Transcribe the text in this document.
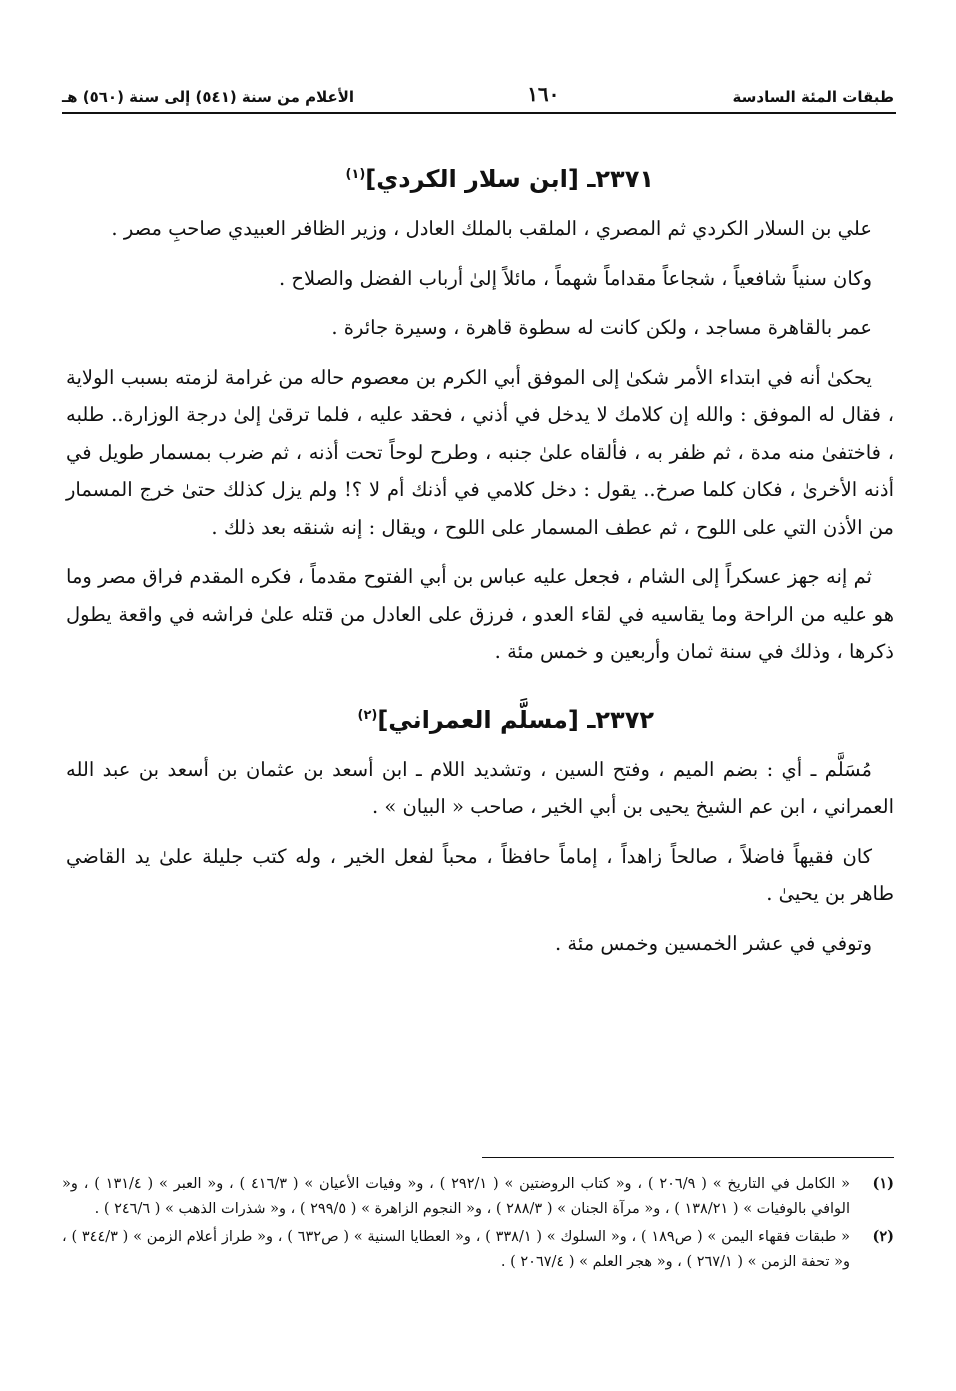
طبقات المئة السادسة
١٦٠
الأعلام من سنة (٥٤١) إلى سنة (٥٦٠) هـ
٢٣٧١ـ [ابن سلار الكردي]$^{(١)}$

علي بن السلار الكردي ثم المصري ، الملقب بالملك العادل ، وزير الظافر العبيدي صاحبِ مصر .

وكان سنياً شافعياً ، شجاعاً مقداماً شهماً ، مائلاً إلىٰ أرباب الفضل والصلاح .

عمر بالقاهرة مساجد ، ولكن كانت له سطوة قاهرة ، وسيرة جائرة .

يحكىٰ أنه في ابتداء الأمر شكىٰ إلى الموفق أبي الكرم بن معصوم حاله من غرامة لزمته بسبب الولاية ، فقال له الموفق : والله إن كلامك لا يدخل في أذني ، فحقد عليه ، فلما ترقىٰ إلىٰ درجة الوزارة.. طلبه ، فاختفىٰ منه مدة ، ثم ظفر به ، فألقاه علىٰ جنبه ، وطرح لوحاً تحت أذنه ، ثم ضرب بمسمار طويل في أذنه الأخرىٰ ، فكان كلما صرخ.. يقول : دخل كلامي في أذنك أم لا ؟! ولم يزل كذلك حتىٰ خرج المسمار من الأذن التي على اللوح ، ثم عطف المسمار على اللوح ، ويقال : إنه شنقه بعد ذلك .

ثم إنه جهز عسكراً إلى الشام ، فجعل عليه عباس بن أبي الفتوح مقدماً ، فكره المقدم فراق مصر وما هو عليه من الراحة وما يقاسيه في لقاء العدو ، فرزق على العادل من قتله علىٰ فراشه في واقعة يطول ذكرها ، وذلك في سنة ثمان وأربعين و خمس مئة .

٢٣٧٢ـ [مسلَّم العمراني]$^{(٢)}$

مُسَلَّم ـ أي : بضم الميم ، وفتح السين ، وتشديد اللام ـ ابن أسعد بن عثمان بن أسعد بن عبد الله العمراني ، ابن عم الشيخ يحيى بن أبي الخير ، صاحب « البيان » .

كان فقيهاً فاضلاً ، صالحاً زاهداً ، إماماً حافظاً ، محباً لفعل الخير ، وله كتب جليلة علىٰ يد القاضي طاهر بن يحيىٰ .

وتوفي في عشر الخمسين وخمس مئة .

(١)
« الكامل في التاريخ » ( ٢٠٦/٩ ) ، و« كتاب الروضتين » ( ٢٩٢/١ ) ، و« وفيات الأعيان » ( ٤١٦/٣ ) ، و« العبر » ( ١٣١/٤ ) ، و« الوافي بالوفيات » ( ١٣٨/٢١ ) ، و« مرآة الجنان » ( ٢٨٨/٣ ) ، و« النجوم الزاهرة » ( ٢٩٩/٥ ) ، و« شذرات الذهب » ( ٢٤٦/٦ ) .
(٢)
« طبقات فقهاء اليمن » ( ص١٨٩ ) ، و« السلوك » ( ٣٣٨/١ ) ، و« العطايا السنية » ( ص٦٣٢ ) ، و« طراز أعلام الزمن » ( ٣٤٤/٣ ) ، و« تحفة الزمن » ( ٢٦٧/١ ) ، و« هجر العلم » ( ٢٠٦٧/٤ ) .
